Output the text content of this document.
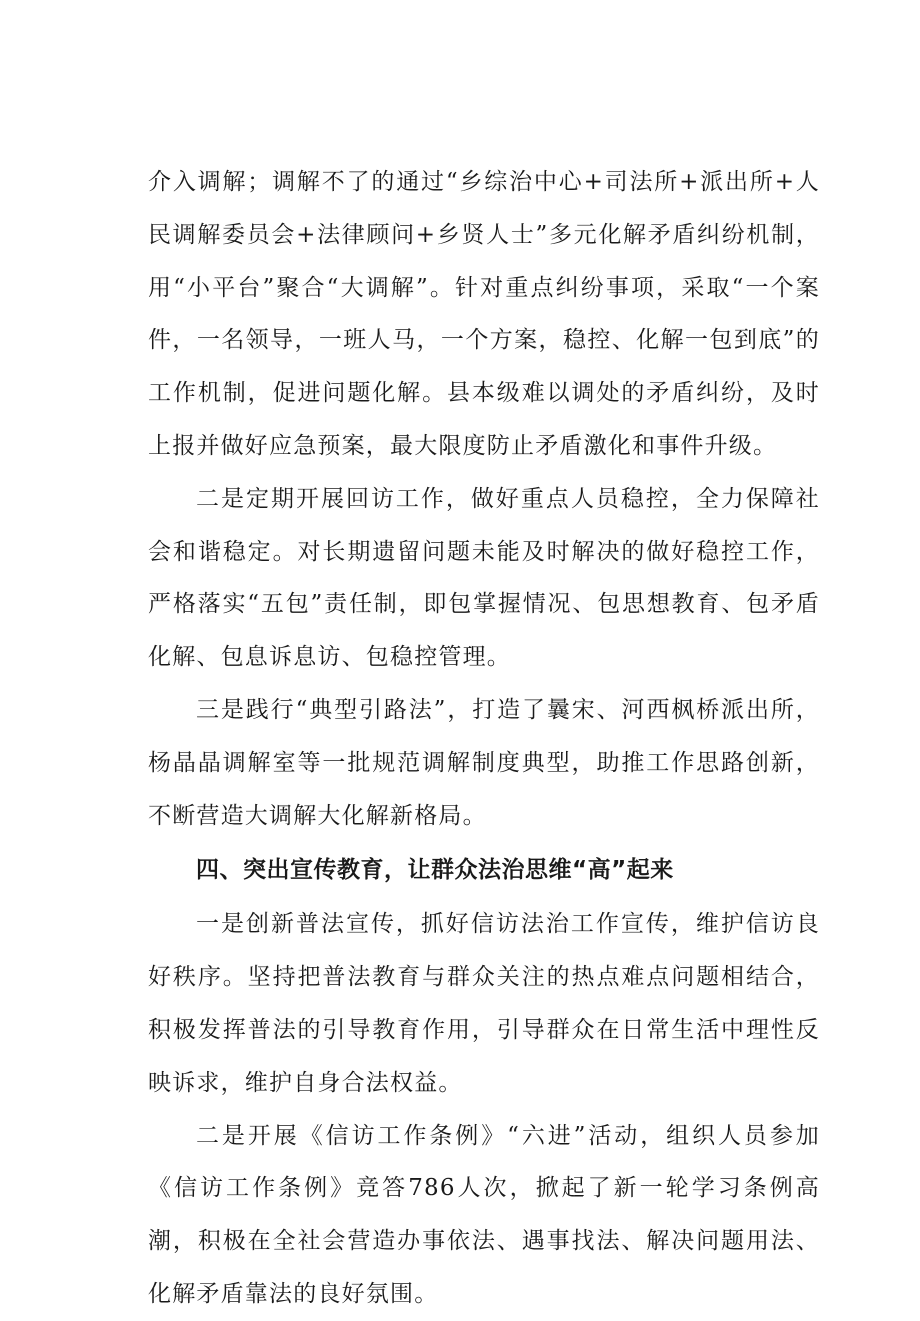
介入调解；调解不了的通过“乡综治中心+司法所+派出所+人民调解委员会+法律顾问+乡贤人士”多元化解矛盾纠纷机制，用“小平台”聚合“大调解”。针对重点纠纷事项，采取“一个案件，一名领导，一班人马，一个方案，稳控、化解一包到底”的工作机制，促进问题化解。县本级难以调处的矛盾纠纷，及时上报并做好应急预案，最大限度防止矛盾激化和事件升级。

二是定期开展回访工作，做好重点人员稳控，全力保障社会和谐稳定。对长期遗留问题未能及时解决的做好稳控工作，严格落实“五包”责任制，即包掌握情况、包思想教育、包矛盾化解、包息诉息访、包稳控管理。

三是践行“典型引路法”，打造了曩宋、河西枫桥派出所，杨晶晶调解室等一批规范调解制度典型，助推工作思路创新，不断营造大调解大化解新格局。

四、突出宣传教育，让群众法治思维“高”起来

一是创新普法宣传，抓好信访法治工作宣传，维护信访良好秩序。坚持把普法教育与群众关注的热点难点问题相结合，积极发挥普法的引导教育作用，引导群众在日常生活中理性反映诉求，维护自身合法权益。

二是开展《信访工作条例》“六进”活动，组织人员参加《信访工作条例》竞答786人次，掀起了新一轮学习条例高潮，积极在全社会营造办事依法、遇事找法、解决问题用法、化解矛盾靠法的良好氛围。
